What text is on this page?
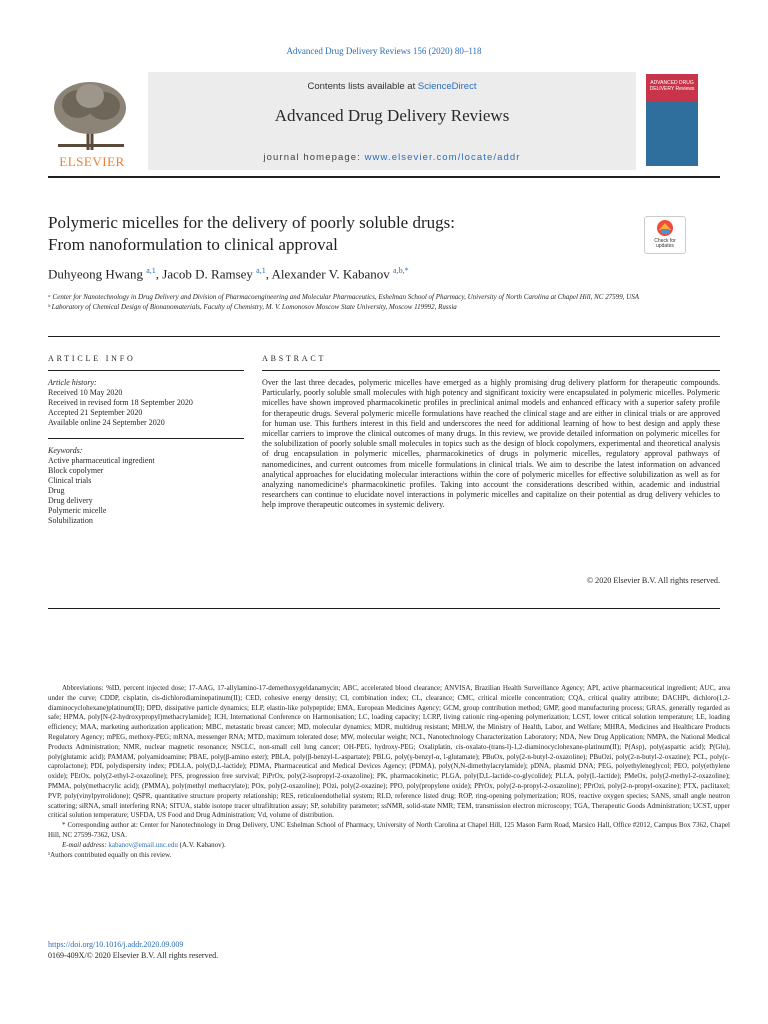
Advanced Drug Delivery Reviews 156 (2020) 80–118
ELSEVIER
Contents lists available at ScienceDirect
Advanced Drug Delivery Reviews
journal homepage: www.elsevier.com/locate/addr
ADVANCED DRUG DELIVERY Reviews
Polymeric micelles for the delivery of poorly soluble drugs:
From nanoformulation to clinical approval	Check for updates
Duhyeong Hwang $^{a,1}$, Jacob D. Ramsey $^{a,1}$, Alexander V. Kabanov $^{a,b,*}$
ᵃ Center for Nanotechnology in Drug Delivery and Division of Pharmacoengineering and Molecular Pharmaceutics, Eshelman School of Pharmacy, University of North Carolina at Chapel Hill, NC 27599, USA
ᵇ Laboratory of Chemical Design of Bionanomaterials, Faculty of Chemistry, M. V. Lomonosov Moscow State University, Moscow 119992, Russia
ARTICLE INFO	ABSTRACT
Article history:
Received 10 May 2020
Received in revised form 18 September 2020
Accepted 21 September 2020
Available online 24 September 2020
Keywords:
Active pharmaceutical ingredient
Block copolymer
Clinical trials
Drug
Drug delivery
Polymeric micelle
Solubilization
Over the last three decades, polymeric micelles have emerged as a highly promising drug delivery platform for therapeutic compounds. Particularly, poorly soluble small molecules with high potency and significant toxicity were encapsulated in polymeric micelles. Polymeric micelles have shown improved pharmacokinetic profiles in preclinical animal models and enhanced efficacy with a superior safety profile for therapeutic drugs. Several polymeric micelle formulations have reached the clinical stage and are either in clinical trials or are approved for human use. This furthers interest in this field and underscores the need for additional learning of how to best design and apply these micellar carriers to improve the clinical outcomes of many drugs. In this review, we provide detailed information on polymeric micelles for the solubilization of poorly soluble small molecules in topics such as the design of block copolymers, experimental and theoretical analysis of drug encapsulation in polymeric micelles, pharmacokinetics of drugs in polymeric micelles, regulatory approval pathways of nanomedicines, and current outcomes from micelle formulations in clinical trials. We aim to describe the latest information on advanced analytical approaches for elucidating molecular interactions within the core of polymeric micelles for effective solubilization as well as for analyzing nanomedicine's pharmacokinetic profiles. Taking into account the considerations described within, academic and industrial researchers can continue to elucidate novel interactions in polymeric micelles and capitalize on their potential as drug delivery vehicles to help improve therapeutic outcomes in systemic delivery.
© 2020 Elsevier B.V. All rights reserved.

Abbreviations: %ID, percent injected dose; 17-AAG, 17-allylamino-17-demethoxygeldanamycin; ABC, accelerated blood clearance; ANVISA, Brazilian Health Surveillance Agency; API, active pharmaceutical ingredient; AUC, area under the curve; CDDP, cisplatin, cis-dichlorodiaminepatinum(II); CED, cohesive energy density; CI, combination index; CL, clearance; CMC, critical micelle concentration; CQA, critical quality attribute; DACHPt, dichloro(1,2-diaminocyclohexane)platinum(II); DPD, dissipative particle dynamics; ELP, elastin-like polypeptide; EMA, European Medicines Agency; GCM, group contribution method; GMP, good manufacturing process; GRAS, generally regarded as safe; HPMA, poly[N-(2-hydroxypropyl)methacrylamide]; ICH, International Conference on Harmonisation; LC, loading capacity; LCRP, living cationic ring-opening polymerization; LCST, lower critical solution temperature; LE, loading efficiency; MAA, marketing authorization application; MBC, metastatic breast cancer; MD, molecular dynamics; MDR, multidrug resistant; MHLW, the Ministry of Health, Labor, and Welfare; MHRA, Medicines and Healthcare Products Regulatory Agency; mPEG, methoxy-PEG; mRNA, messenger RNA; MTD, maximum tolerated dose; MW, molecular weight; NCL, Nanotechnology Characterization Laboratory; NDA, New Drug Application; NMPA, the National Medical Products Administration; NMR, nuclear magnetic resonance; NSCLC, non-small cell lung cancer; OH-PEG, hydroxy-PEG; Oxaliplatin, cis-oxalato-(trans-l)-1,2-diaminocyclohexane-platinum(II); P(Asp), poly(aspartic acid); P(Glu), poly(glutamic acid); PAMAM, polyamidoamine; PBAE, poly(β-amino ester); PBLA, poly(β-benzyl-L-aspartate); PBLG, poly(γ-benzyl-α, l-glutamate); PBuOx, poly(2-n-butyl-2-oxazoline); PBuOzi, poly(2-n-butyl-2-oxazine); PCL, poly(ε-caprolactone); PDI, polydispersity index; PDLLA, poly(D,L-lactide); PDMA, Pharmaceutical and Medical Devices Agency; (PDMA), poly(N,N-dimethylacrylamide); pDNA, plasmid DNA; PEG, polyethyleneglycol; PEO, poly(ethylene oxide); PEtOx, poly(2-ethyl-2-oxazoline); PFS, progression free survival; PiPrOx, poly(2-isopropyl-2-oxazoline); PK, pharmacokinetic; PLGA, poly(D,L-lactide-co-glycolide); PLLA, poly(L-lactide); PMeOx, poly(2-methyl-2-oxazoline); PMMA, poly(methacrylic acid); (PMMA), poly(methyl methacrylate); POx, poly(2-oxazoline); POzi, poly(2-oxazine); PPO, poly(propylene oxide); PPrOx, poly(2-n-propyl-2-oxazoline); PPrOzi, poly(2-n-propyl-oxazine); PTX, paclitaxel; PVP, poly(vinylpyrrolidone); QSPR, quantitative structure property relationship; RES, reticuloendothelial system; RLD, reference listed drug; ROP, ring-opening polymerization; ROS, reactive oxygen species; SANS, small angle neutron scattering; siRNA, small interfering RNA; SITUA, stable isotope tracer ultrafiltration assay; SP, solubility parameter; ssNMR, solid-state NMR; TEM, transmission electron microscopy; TGA, Therapeutic Goods Administration; UCST, upper critical solution temperature; USFDA, US Food and Drug Administration; Vd, volume of distribution.

* Corresponding author at: Center for Nanotechnology in Drug Delivery, UNC Eshelman School of Pharmacy, University of North Carolina at Chapel Hill, 125 Mason Farm Road, Marsico Hall, Office #2012, Campus Box 7362, Chapel Hill, NC 27599-7362, USA.

E-mail address: kabanov@email.unc.edu (A.V. Kabanov).

¹Authors contributed equally on this review.

https://doi.org/10.1016/j.addr.2020.09.009
0169-409X/© 2020 Elsevier B.V. All rights reserved.
